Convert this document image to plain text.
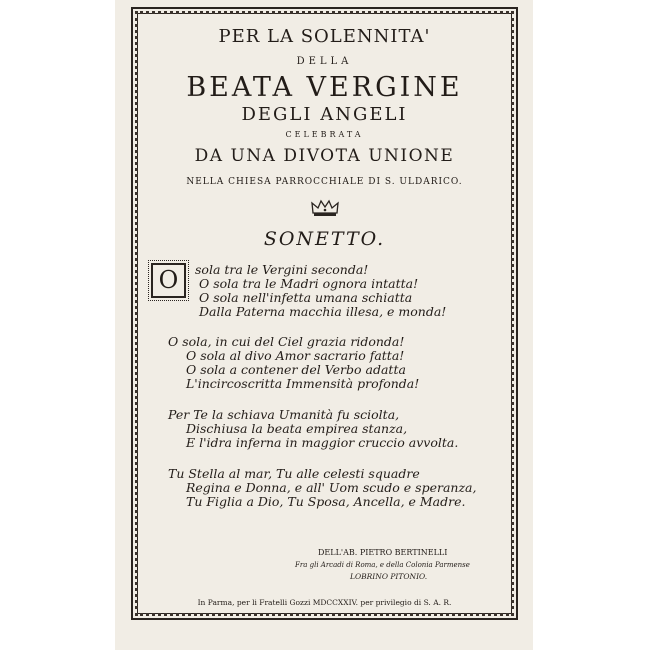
PER LA SOLENNITA'
DELLA
BEATA VERGINE
DEGLI ANGELI
CELEBRATA
DA UNA DIVOTA UNIONE
NELLA CHIESA PARROCCHIALE DI S. ULDARICO.
SONETTO.
O	sola tra le Vergini seconda!
O sola tra le Madri ognora intatta!
O sola nell'infetta umana schiatta
Dalla Paterna macchia illesa, e monda!
O sola, in cui del Ciel grazia ridonda!
O sola al divo Amor sacrario fatta!
O sola a contener del Verbo adatta
L'incircoscritta Immensità profonda!
Per Te la schiava Umanità fu sciolta,
Dischiusa la beata empirea stanza,
E l'idra inferna in maggior cruccio avvolta.
Tu Stella al mar, Tu alle celesti squadre
Regina e Donna, e all' Uom scudo e speranza,
Tu Figlia a Dio, Tu Sposa, Ancella, e Madre.
DELL'AB. PIETRO BERTINELLI
Fra gli Arcadi di Roma, e della Colonia Parmense
LOBRINO PITONIO.
In Parma, per li Fratelli Gozzi MDCCXXIV. per privilegio di S. A. R.
